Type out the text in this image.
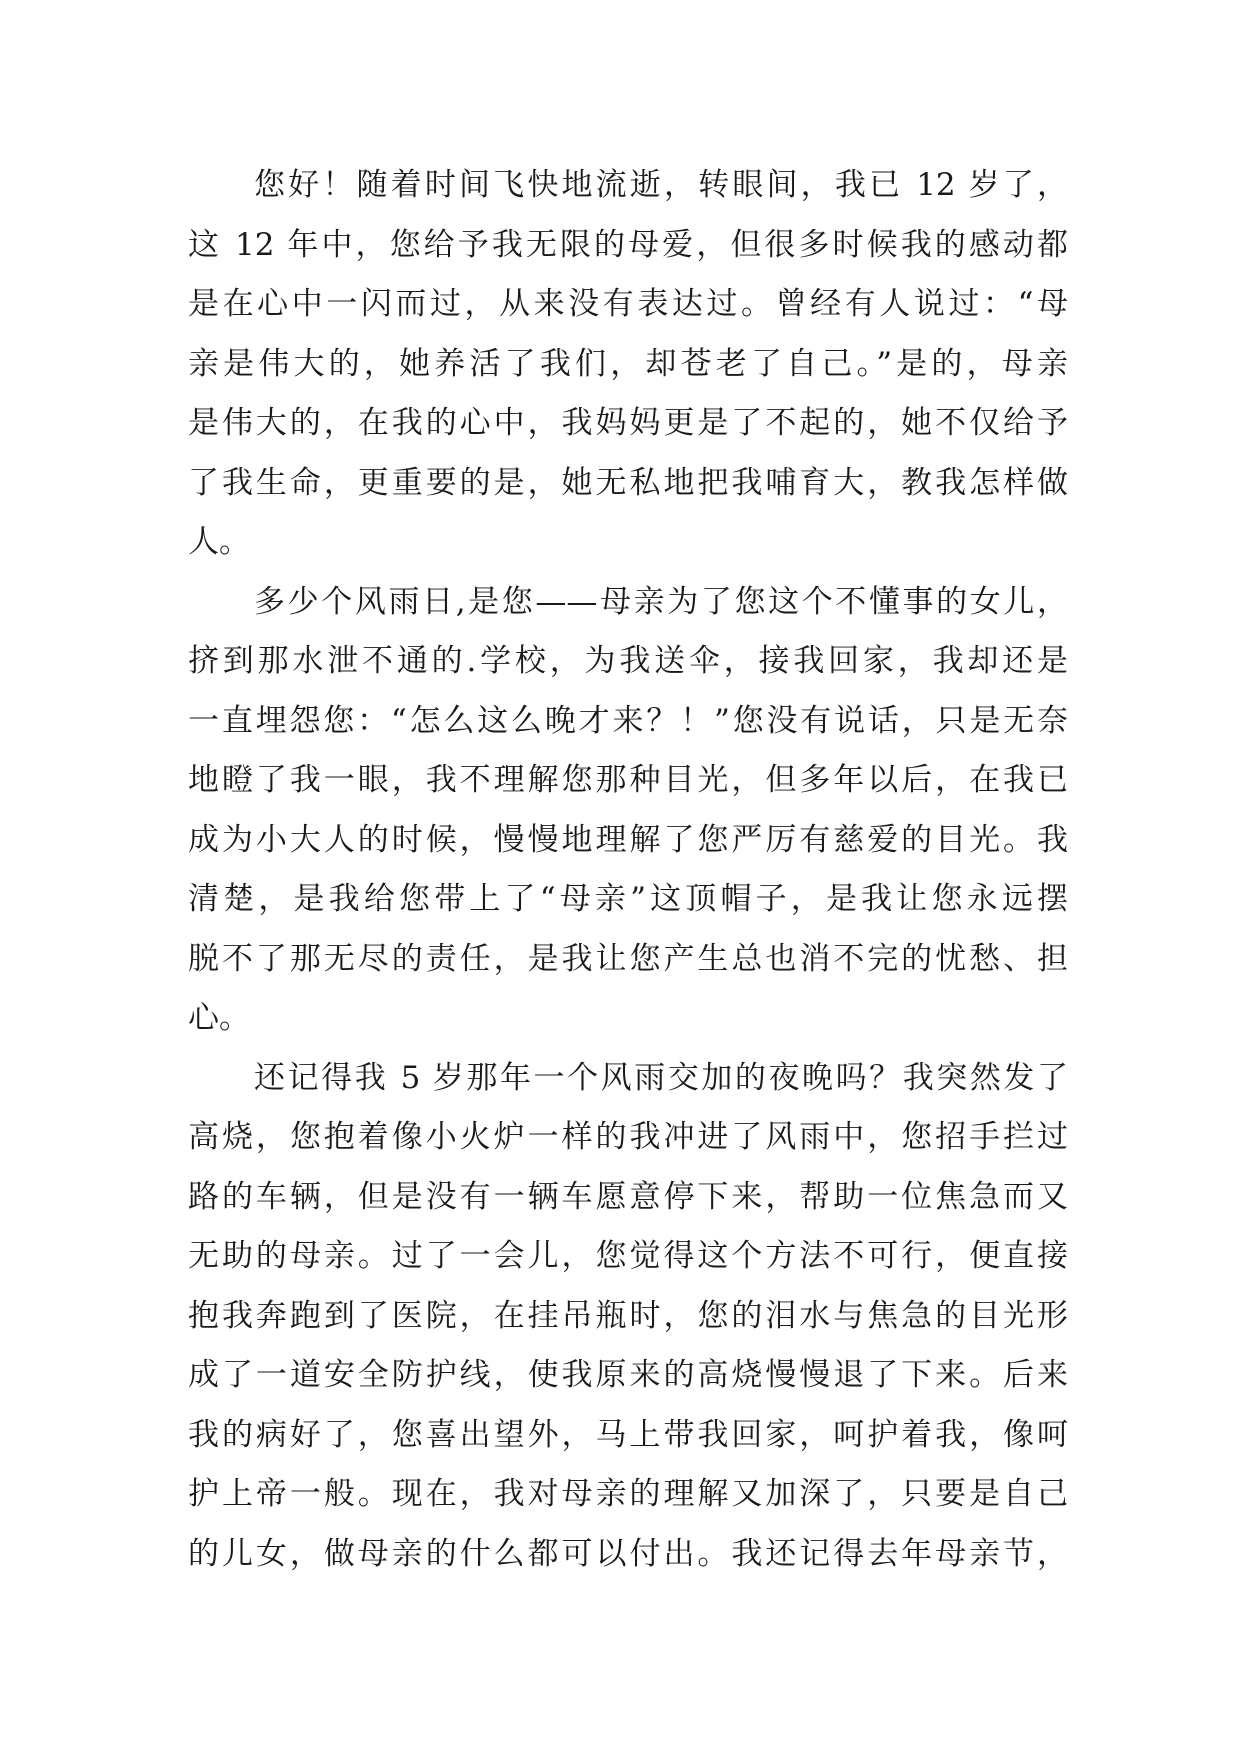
您好！随着时间飞快地流逝，转眼间，我已 12 岁了，
这 12 年中，您给予我无限的母爱，但很多时候我的感动都
是在心中一闪而过，从来没有表达过。曾经有人说过：“母
亲是伟大的，她养活了我们，却苍老了自己。”是的，母亲
是伟大的，在我的心中，我妈妈更是了不起的，她不仅给予
了我生命，更重要的是，她无私地把我哺育大，教我怎样做
人。
多少个风雨日,是您——母亲为了您这个不懂事的女儿，
挤到那水泄不通的.学校，为我送伞，接我回家，我却还是
一直埋怨您：“怎么这么晚才来？！”您没有说话，只是无奈
地瞪了我一眼，我不理解您那种目光，但多年以后，在我已
成为小大人的时候，慢慢地理解了您严厉有慈爱的目光。我
清楚，是我给您带上了“母亲”这顶帽子，是我让您永远摆
脱不了那无尽的责任，是我让您产生总也消不完的忧愁、担
心。
还记得我 5 岁那年一个风雨交加的夜晚吗？我突然发了
高烧，您抱着像小火炉一样的我冲进了风雨中，您招手拦过
路的车辆，但是没有一辆车愿意停下来，帮助一位焦急而又
无助的母亲。过了一会儿，您觉得这个方法不可行，便直接
抱我奔跑到了医院，在挂吊瓶时，您的泪水与焦急的目光形
成了一道安全防护线，使我原来的高烧慢慢退了下来。后来
我的病好了，您喜出望外，马上带我回家，呵护着我，像呵
护上帝一般。现在，我对母亲的理解又加深了，只要是自己
的儿女，做母亲的什么都可以付出。我还记得去年母亲节，
